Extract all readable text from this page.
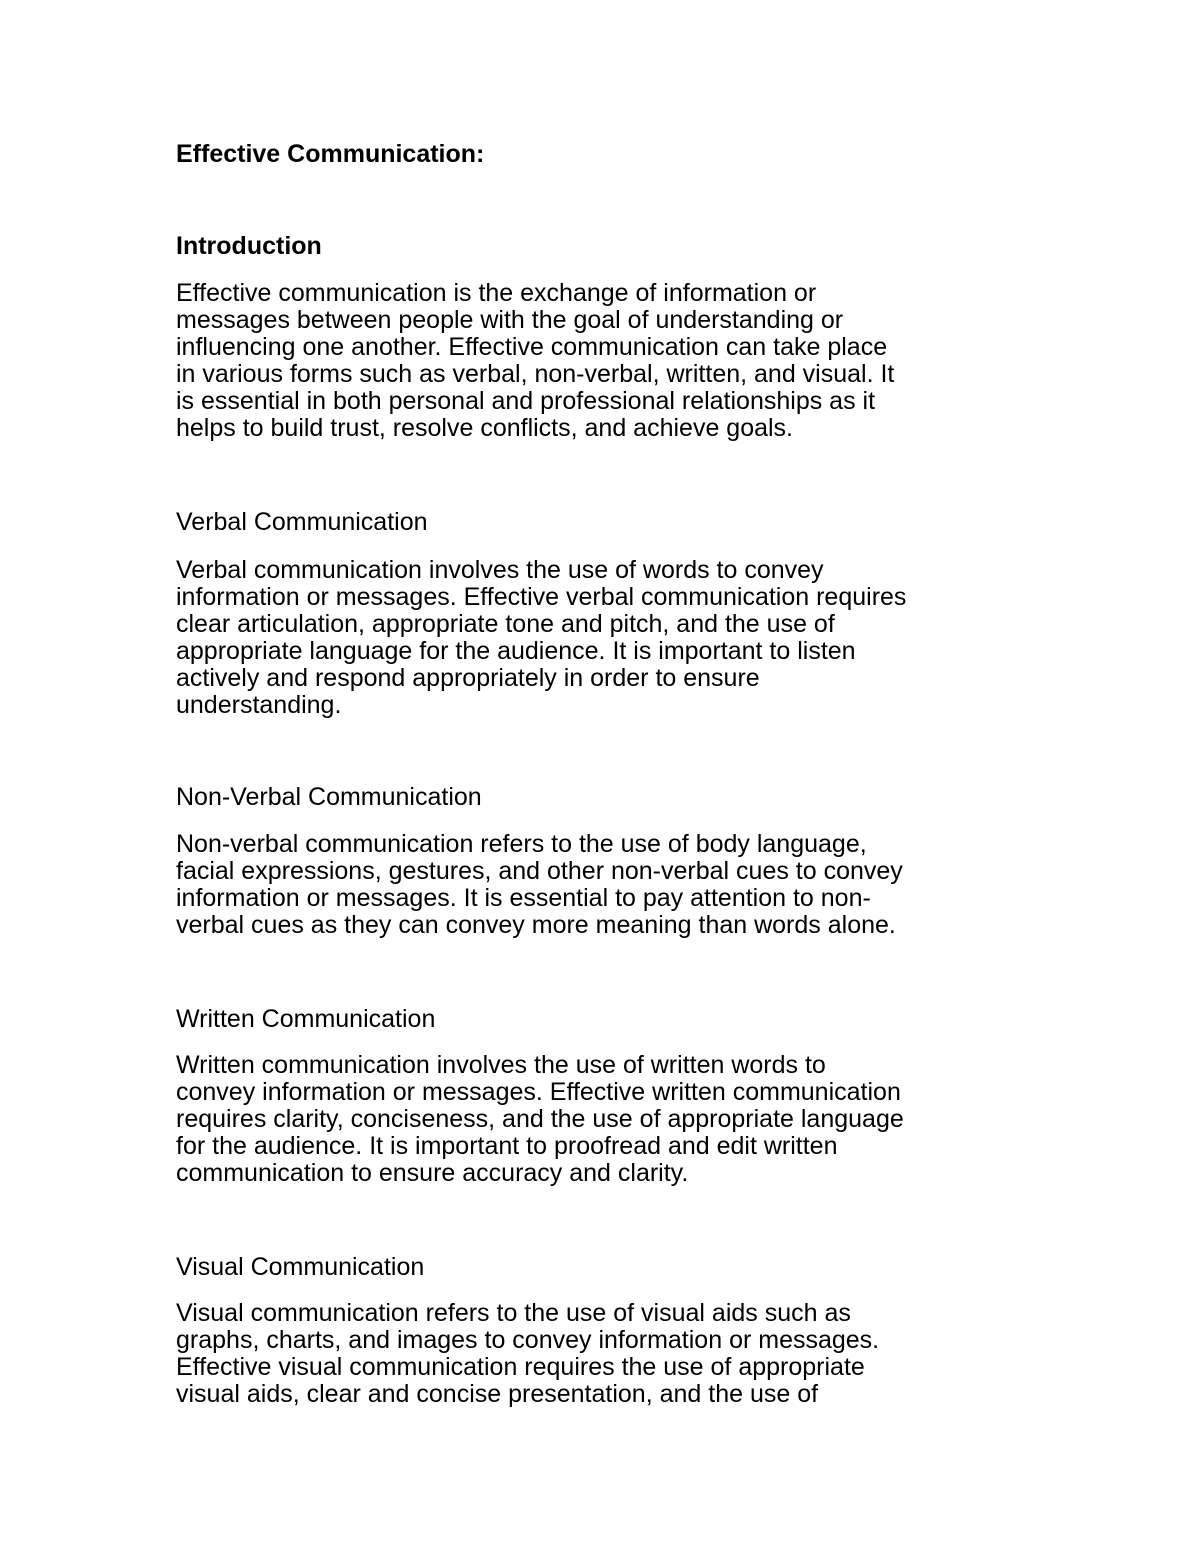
Effective Communication:
Introduction
Effective communication is the exchange of information or
messages between people with the goal of understanding or
influencing one another. Effective communication can take place
in various forms such as verbal, non-verbal, written, and visual. It
is essential in both personal and professional relationships as it
helps to build trust, resolve conflicts, and achieve goals.
Verbal Communication
Verbal communication involves the use of words to convey
information or messages. Effective verbal communication requires
clear articulation, appropriate tone and pitch, and the use of
appropriate language for the audience. It is important to listen
actively and respond appropriately in order to ensure
understanding.
Non-Verbal Communication
Non-verbal communication refers to the use of body language,
facial expressions, gestures, and other non-verbal cues to convey
information or messages. It is essential to pay attention to non-
verbal cues as they can convey more meaning than words alone.
Written Communication
Written communication involves the use of written words to
convey information or messages. Effective written communication
requires clarity, conciseness, and the use of appropriate language
for the audience. It is important to proofread and edit written
communication to ensure accuracy and clarity.
Visual Communication
Visual communication refers to the use of visual aids such as
graphs, charts, and images to convey information or messages.
Effective visual communication requires the use of appropriate
visual aids, clear and concise presentation, and the use of
